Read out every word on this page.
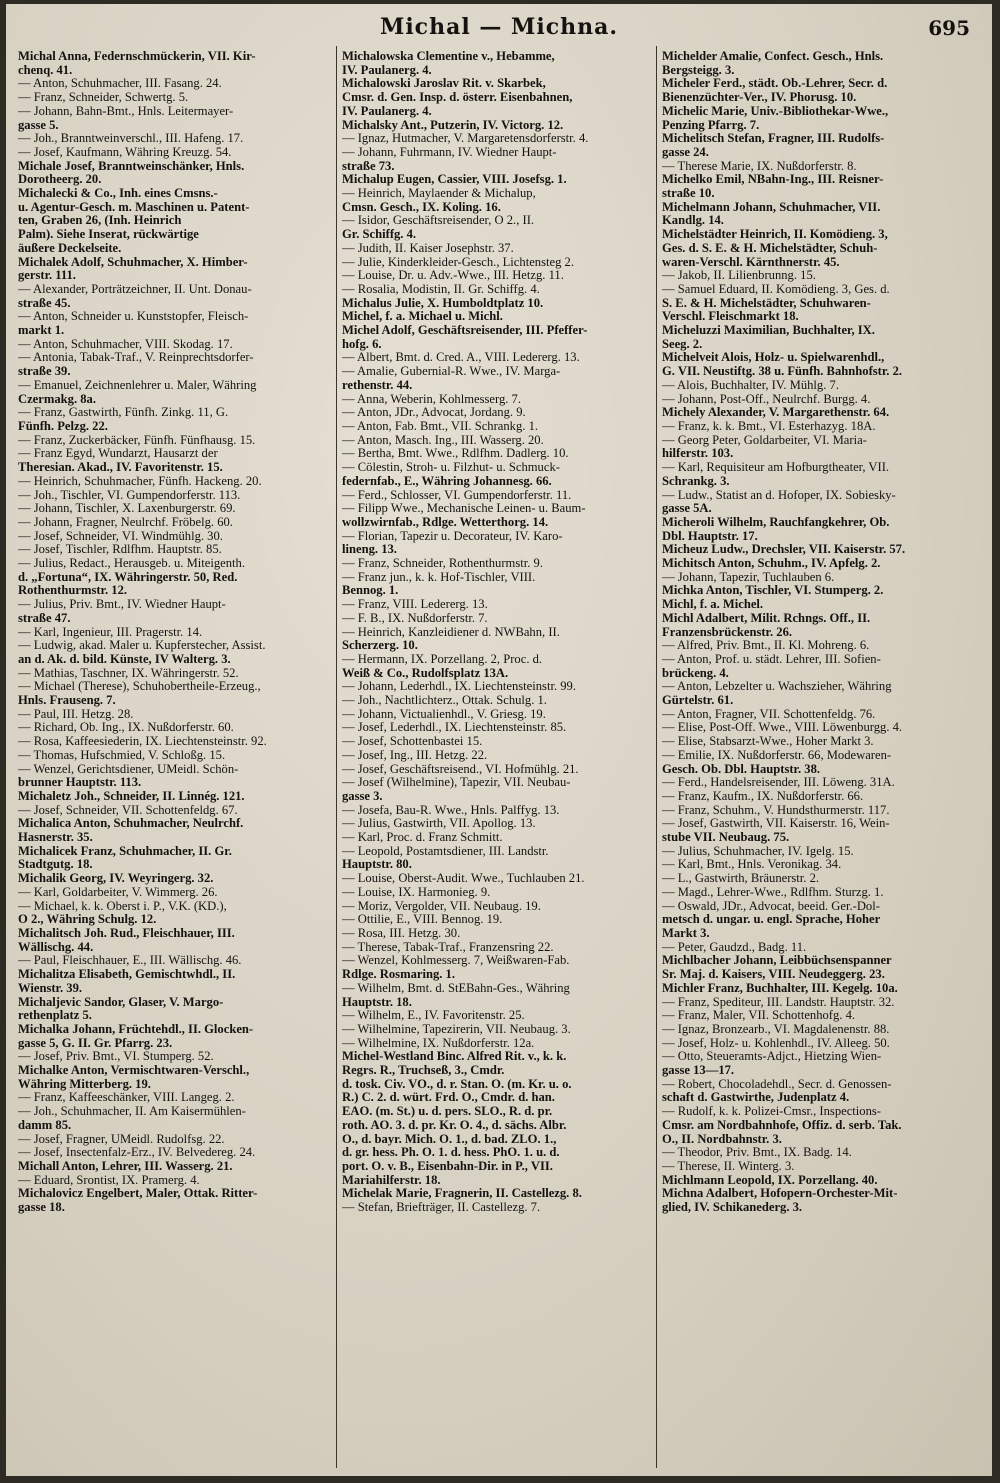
Michal — Michna.	695
Michal Anna, Federnschmückerin, VII. Kir-
chenq. 41.
— Anton, Schuhmacher, III. Fasang. 24.
— Franz, Schneider, Schwertg. 5.
— Johann, Bahn-Bmt., Hnls. Leitermayer-
gasse 5.
— Joh., Branntweinverschl., III. Hafeng. 17.
— Josef, Kaufmann, Währing Kreuzg. 54.
Michale Josef, Branntweinschänker, Hnls.
Dorotheerg. 20.
Michalecki & Co., Inh. eines Cmsns.-
u. Agentur-Gesch. m. Maschinen u. Patent-
ten, Graben 26, (Inh. Heinrich
Palm). Siehe Inserat, rückwärtige
äußere Deckelseite.
Michalek Adolf, Schuhmacher, X. Himber-
gerstr. 111.
— Alexander, Porträtzeichner, II. Unt. Donau-
straße 45.
— Anton, Schneider u. Kunststopfer, Fleisch-
markt 1.
— Anton, Schuhmacher, VIII. Skodag. 17.
— Antonia, Tabak-Traf., V. Reinprechtsdorfer-
straße 39.
— Emanuel, Zeichnenlehrer u. Maler, Währing
Czermakg. 8a.
— Franz, Gastwirth, Fünfh. Zinkg. 11, G.
Fünfh. Pelzg. 22.
— Franz, Zuckerbäcker, Fünfh. Fünfhausg. 15.
— Franz Egyd, Wundarzt, Hausarzt der
Theresian. Akad., IV. Favoritenstr. 15.
— Heinrich, Schuhmacher, Fünfh. Hackeng. 20.
— Joh., Tischler, VI. Gumpendorferstr. 113.
— Johann, Tischler, X. Laxenburgerstr. 69.
— Johann, Fragner, Neulrchf. Fröbelg. 60.
— Josef, Schneider, VI. Windmühlg. 30.
— Josef, Tischler, Rdlfhm. Hauptstr. 85.
— Julius, Redact., Herausgeb. u. Miteigenth.
d. „Fortuna“, IX. Währingerstr. 50, Red.
Rothenthurmstr. 12.
— Julius, Priv. Bmt., IV. Wiedner Haupt-
straße 47.
— Karl, Ingenieur, III. Pragerstr. 14.
— Ludwig, akad. Maler u. Kupferstecher, Assist.
an d. Ak. d. bild. Künste, IV Walterg. 3.
— Mathias, Taschner, IX. Währingerstr. 52.
— Michael (Therese), Schuhobertheile-Erzeug.,
Hnls. Frauseng. 7.
— Paul, III. Hetzg. 28.
— Richard, Ob. Ing., IX. Nußdorferstr. 60.
— Rosa, Kaffeesiederin, IX. Liechtensteinstr. 92.
— Thomas, Hufschmied, V. Schloßg. 15.
— Wenzel, Gerichtsdiener, UMeidl. Schön-
brunner Hauptstr. 113.
Michaletz Joh., Schneider, II. Linnég. 121.
— Josef, Schneider, VII. Schottenfeldg. 67.
Michalica Anton, Schuhmacher, Neulrchf.
Hasnerstr. 35.
Michalicek Franz, Schuhmacher, II. Gr.
Stadtgutg. 18.
Michalik Georg, IV. Weyringerg. 32.
— Karl, Goldarbeiter, V. Wimmerg. 26.
— Michael, k. k. Oberst i. P., V.K. (KD.),
O 2., Währing Schulg. 12.
Michalitsch Joh. Rud., Fleischhauer, III.
Wällischg. 44.
— Paul, Fleischhauer, E., III. Wällischg. 46.
Michalitza Elisabeth, Gemischtwhdl., II.
Wienstr. 39.
Michaljevic Sandor, Glaser, V. Margo-
rethenplatz 5.
Michalka Johann, Früchtehdl., II. Glocken-
gasse 5, G. II. Gr. Pfarrg. 23.
— Josef, Priv. Bmt., VI. Stumperg. 52.
Michalke Anton, Vermischtwaren-Verschl.,
Währing Mitterberg. 19.
— Franz, Kaffeeschänker, VIII. Langeg. 2.
— Joh., Schuhmacher, II. Am Kaisermühlen-
damm 85.
— Josef, Fragner, UMeidl. Rudolfsg. 22.
— Josef, Insectenfalz-Erz., IV. Belvedereg. 24.
Michall Anton, Lehrer, III. Wasserg. 21.
— Eduard, Srontist, IX. Pramerg. 4.
Michalovicz Engelbert, Maler, Ottak. Ritter-
gasse 18.
Michalowska Clementine v., Hebamme,
IV. Paulanerg. 4.
Michalowski Jaroslav Rit. v. Skarbek,
Cmsr. d. Gen. Insp. d. österr. Eisenbahnen,
IV. Paulanerg. 4.
Michalsky Ant., Putzerin, IV. Victorg. 12.
— Ignaz, Hutmacher, V. Margaretensdorferstr. 4.
— Johann, Fuhrmann, IV. Wiedner Haupt-
straße 73.
Michalup Eugen, Cassier, VIII. Josefsg. 1.
— Heinrich, Maylaender & Michalup,
Cmsn. Gesch., IX. Koling. 16.
— Isidor, Geschäftsreisender, O 2., II.
Gr. Schiffg. 4.
— Judith, II. Kaiser Josephstr. 37.
— Julie, Kinderkleider-Gesch., Lichtensteg 2.
— Louise, Dr. u. Adv.-Wwe., III. Hetzg. 11.
— Rosalia, Modistin, II. Gr. Schiffg. 4.
Michalus Julie, X. Humboldtplatz 10.
Michel, f. a. Michael u. Michl.
Michel Adolf, Geschäftsreisender, III. Pfeffer-
hofg. 6.
— Albert, Bmt. d. Cred. A., VIII. Ledererg. 13.
— Amalie, Gubernial-R. Wwe., IV. Marga-
rethenstr. 44.
— Anna, Weberin, Kohlmesserg. 7.
— Anton, JDr., Advocat, Jordang. 9.
— Anton, Fab. Bmt., VII. Schrankg. 1.
— Anton, Masch. Ing., III. Wasserg. 20.
— Bertha, Bmt. Wwe., Rdlfhm. Dadlerg. 10.
— Cölestin, Stroh- u. Filzhut- u. Schmuck-
federnfab., E., Währing Johannesg. 66.
— Ferd., Schlosser, VI. Gumpendorferstr. 11.
— Filipp Wwe., Mechanische Leinen- u. Baum-
wollzwirnfab., Rdlge. Wetterthorg. 14.
— Florian, Tapezir u. Decorateur, IV. Karo-
lineng. 13.
— Franz, Schneider, Rothenthurmstr. 9.
— Franz jun., k. k. Hof-Tischler, VIII.
Bennog. 1.
— Franz, VIII. Ledererg. 13.
— F. B., IX. Nußdorferstr. 7.
— Heinrich, Kanzleidiener d. NWBahn, II.
Scherzerg. 10.
— Hermann, IX. Porzellang. 2, Proc. d.
Weiß & Co., Rudolfsplatz 13A.
— Johann, Lederhdl., IX. Liechtensteinstr. 99.
— Joh., Nachtlichterz., Ottak. Schulg. 1.
— Johann, Victualienhdl., V. Griesg. 19.
— Josef, Lederhdl., IX. Liechtensteinstr. 85.
— Josef, Schottenbastei 15.
— Josef, Ing., III. Hetzg. 22.
— Josef, Geschäftsreisend., VI. Hofmühlg. 21.
— Josef (Wilhelmine), Tapezir, VII. Neubau-
gasse 3.
— Josefa, Bau-R. Wwe., Hnls. Palffyg. 13.
— Julius, Gastwirth, VII. Apollog. 13.
— Karl, Proc. d. Franz Schmitt.
— Leopold, Postamtsdiener, III. Landstr.
Hauptstr. 80.
— Louise, Oberst-Audit. Wwe., Tuchlauben 21.
— Louise, IX. Harmonieg. 9.
— Moriz, Vergolder, VII. Neubaug. 19.
— Ottilie, E., VIII. Bennog. 19.
— Rosa, III. Hetzg. 30.
— Therese, Tabak-Traf., Franzensring 22.
— Wenzel, Kohlmesserg. 7, Weißwaren-Fab.
Rdlge. Rosmaring. 1.
— Wilhelm, Bmt. d. StEBahn-Ges., Währing
Hauptstr. 18.
— Wilhelm, E., IV. Favoritenstr. 25.
— Wilhelmine, Tapezirerin, VII. Neubaug. 3.
— Wilhelmine, IX. Nußdorferstr. 12a.
Michel-Westland Binc. Alfred Rit. v., k. k.
Regrs. R., Truchseß, 3., Cmdr.
d. tosk. Civ. VO., d. r. Stan. O. (m. Kr. u. o.
R.) C. 2. d. würt. Frd. O., Cmdr. d. han.
EAO. (m. St.) u. d. pers. SLO., R. d. pr.
roth. AO. 3. d. pr. Kr. O. 4., d. sächs. Albr.
O., d. bayr. Mich. O. 1., d. bad. ZLO. 1.,
d. gr. hess. Ph. O. 1. d. hess. PhO. 1. u. d.
port. O. v. B., Eisenbahn-Dir. in P., VII.
Mariahilferstr. 18.
Michelak Marie, Fragnerin, II. Castellezg. 8.
— Stefan, Briefträger, II. Castellezg. 7.
Michelder Amalie, Confect. Gesch., Hnls.
Bergsteigg. 3.
Micheler Ferd., städt. Ob.-Lehrer, Secr. d.
Bienenzüchter-Ver., IV. Phorusg. 10.
Michelic Marie, Univ.-Bibliothekar-Wwe.,
Penzing Pfarrg. 7.
Michelitsch Stefan, Fragner, III. Rudolfs-
gasse 24.
— Therese Marie, IX. Nußdorferstr. 8.
Michelko Emil, NBahn-Ing., III. Reisner-
straße 10.
Michelmann Johann, Schuhmacher, VII.
Kandlg. 14.
Michelstädter Heinrich, II. Komödieng. 3,
Ges. d. S. E. & H. Michelstädter, Schuh-
waren-Verschl. Kärnthnerstr. 45.
— Jakob, II. Lilienbrunng. 15.
— Samuel Eduard, II. Komödieng. 3, Ges. d.
S. E. & H. Michelstädter, Schuhwaren-
Verschl. Fleischmarkt 18.
Micheluzzi Maximilian, Buchhalter, IX.
Seeg. 2.
Michelveit Alois, Holz- u. Spielwarenhdl.,
G. VII. Neustiftg. 38 u. Fünfh. Bahnhofstr. 2.
— Alois, Buchhalter, IV. Mühlg. 7.
— Johann, Post-Off., Neulrchf. Burgg. 4.
Michely Alexander, V. Margarethenstr. 64.
— Franz, k. k. Bmt., VI. Esterhazyg. 18A.
— Georg Peter, Goldarbeiter, VI. Maria-
hilferstr. 103.
— Karl, Requisiteur am Hofburgtheater, VII.
Schrankg. 3.
— Ludw., Statist an d. Hofoper, IX. Sobiesky-
gasse 5A.
Micheroli Wilhelm, Rauchfangkehrer, Ob.
Dbl. Hauptstr. 17.
Micheuz Ludw., Drechsler, VII. Kaiserstr. 57.
Michitsch Anton, Schuhm., IV. Apfelg. 2.
— Johann, Tapezir, Tuchlauben 6.
Michka Anton, Tischler, VI. Stumperg. 2.
Michl, f. a. Michel.
Michl Adalbert, Milit. Rchngs. Off., II.
Franzensbrückenstr. 26.
— Alfred, Priv. Bmt., II. Kl. Mohreng. 6.
— Anton, Prof. u. städt. Lehrer, III. Sofien-
brückeng. 4.
— Anton, Lebzelter u. Wachszieher, Währing
Gürtelstr. 61.
— Anton, Fragner, VII. Schottenfeldg. 76.
— Elise, Post-Off. Wwe., VIII. Löwenburgg. 4.
— Elise, Stabsarzt-Wwe., Hoher Markt 3.
— Emilie, IX. Nußdorferstr. 66, Modewaren-
Gesch. Ob. Dbl. Hauptstr. 38.
— Ferd., Handelsreisender, III. Löweng. 31A.
— Franz, Kaufm., IX. Nußdorferstr. 66.
— Franz, Schuhm., V. Hundsthurmerstr. 117.
— Josef, Gastwirth, VII. Kaiserstr. 16, Wein-
stube VII. Neubaug. 75.
— Julius, Schuhmacher, IV. Igelg. 15.
— Karl, Bmt., Hnls. Veronikag. 34.
— L., Gastwirth, Bräunerstr. 2.
— Magd., Lehrer-Wwe., Rdlfhm. Sturzg. 1.
— Oswald, JDr., Advocat, beeid. Ger.-Dol-
metsch d. ungar. u. engl. Sprache, Hoher
Markt 3.
— Peter, Gaudzd., Badg. 11.
Michlbacher Johann, Leibbüchsenspanner
Sr. Maj. d. Kaisers, VIII. Neudeggerg. 23.
Michler Franz, Buchhalter, III. Kegelg. 10a.
— Franz, Spediteur, III. Landstr. Hauptstr. 32.
— Franz, Maler, VII. Schottenhofg. 4.
— Ignaz, Bronzearb., VI. Magdalenenstr. 88.
— Josef, Holz- u. Kohlenhdl., IV. Alleeg. 50.
— Otto, Steueramts-Adjct., Hietzing Wien-
gasse 13—17.
— Robert, Chocoladehdl., Secr. d. Genossen-
schaft d. Gastwirthe, Judenplatz 4.
— Rudolf, k. k. Polizei-Cmsr., Inspections-
Cmsr. am Nordbahnhofe, Offiz. d. serb. Tak.
O., II. Nordbahnstr. 3.
— Theodor, Priv. Bmt., IX. Badg. 14.
— Therese, II. Winterg. 3.
Michlmann Leopold, IX. Porzellang. 40.
Michna Adalbert, Hofopern-Orchester-Mit-
glied, IV. Schikanederg. 3.
